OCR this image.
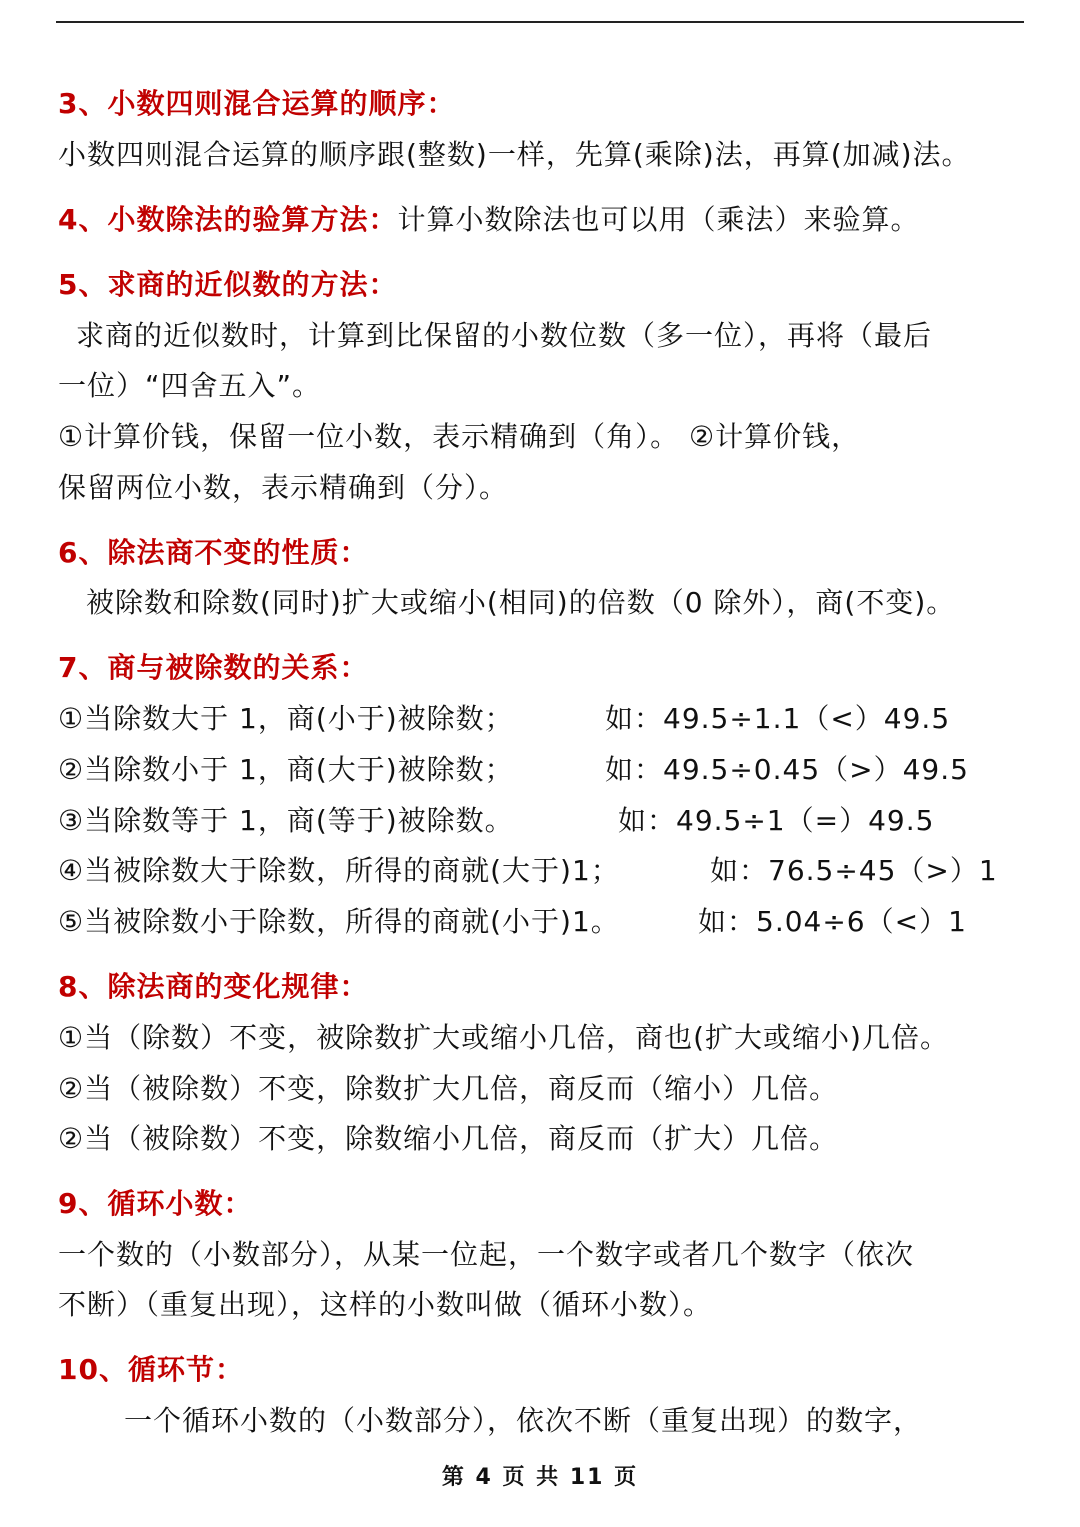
3、小数四则混合运算的顺序：
小数四则混合运算的顺序跟(整数)一样，先算(乘除)法，再算(加减)法。
4、小数除法的验算方法：计算小数除法也可以用（乘法）来验算。
5、求商的近似数的方法：
求商的近似数时，计算到比保留的小数位数（多一位），再将（最后
一位）“四舍五入”。
①计算价钱，保留一位小数，表示精确到（角）。 ②计算价钱，
保留两位小数，表示精确到（分）。
6、除法商不变的性质：
被除数和除数(同时)扩大或缩小(相同)的倍数（0 除外），商(不变)。
7、商与被除数的关系：
①当除数大于 1，商(小于)被除数；	如：49.5÷1.1（<）49.5
②当除数小于 1，商(大于)被除数；	如：49.5÷0.45（>）49.5
③当除数等于 1，商(等于)被除数。	如：49.5÷1（=）49.5
④当被除数大于除数，所得的商就(大于)1；	如：76.5÷45（>）1
⑤当被除数小于除数，所得的商就(小于)1。	如：5.04÷6（<）1
8、除法商的变化规律：
①当（除数）不变，被除数扩大或缩小几倍，商也(扩大或缩小)几倍。
②当（被除数）不变，除数扩大几倍，商反而（缩小）几倍。
②当（被除数）不变，除数缩小几倍，商反而（扩大）几倍。
9、循环小数：
一个数的（小数部分），从某一位起，一个数字或者几个数字（依次
不断）（重复出现），这样的小数叫做（循环小数）。
10、循环节：
一个循环小数的（小数部分），依次不断（重复出现）的数字，
第 4 页 共 11 页
